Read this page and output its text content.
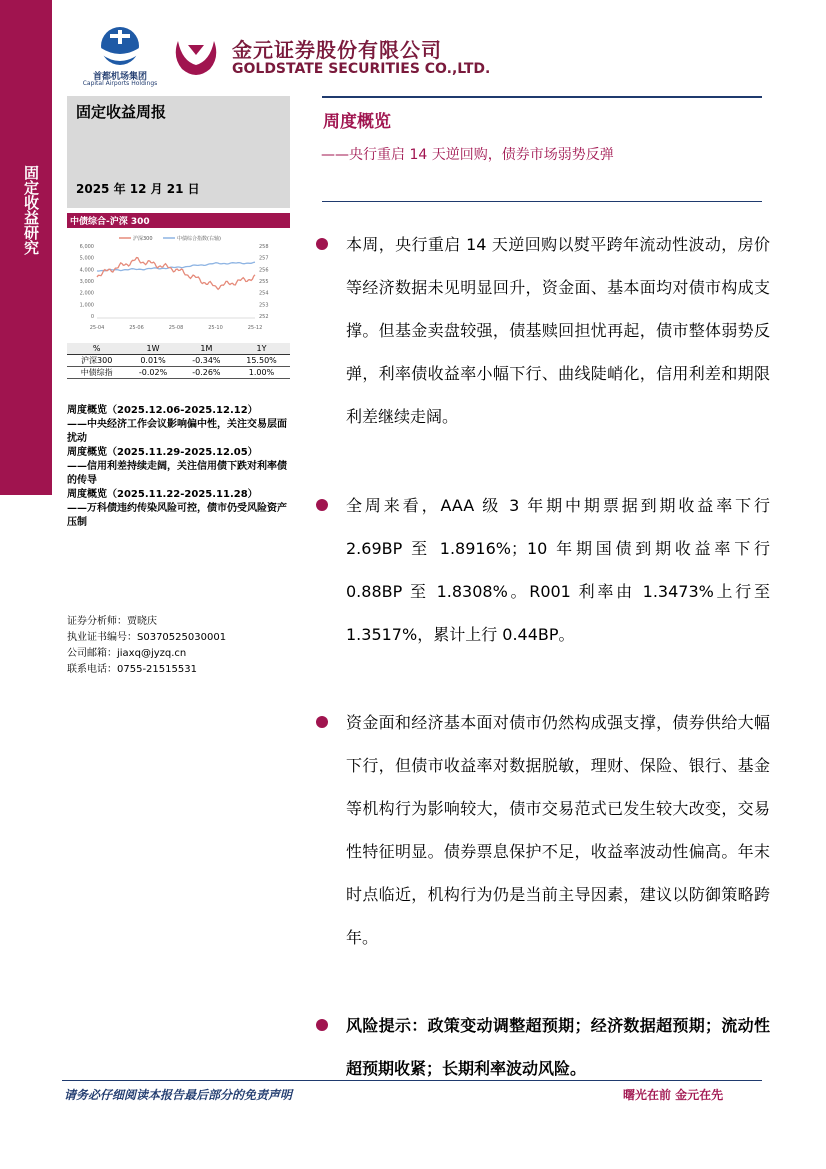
固定收益研究
首都机场集团
Capital Airports Holdings
金元证券股份有限公司
GOLDSTATE SECURITIES CO.,LTD.
固定收益周报
2025 年 12 月 21 日
中债综合-沪深 300
沪深300	中债综合指数(右轴)
6,000
5,000
4,000
3,000
2,000
1,000
0
258
257
256
255
254
253
252
25-04	25-06	25-08	25-10	25-12
%	1W	1M	1Y
沪深300	0.01%	-0.34%	15.50%
中债综指	-0.02%	-0.26%	1.00%
周度概览（2025.12.06-2025.12.12）
——中央经济工作会议影响偏中性，关注交易层面扰动
周度概览（2025.11.29-2025.12.05）
——信用利差持续走阔，关注信用债下跌对利率债的传导
周度概览（2025.11.22-2025.11.28）
——万科债违约传染风险可控，债市仍受风险资产压制
证券分析师：贾晓庆
执业证书编号：S0370525030001
公司邮箱：jiaxq@jyzq.cn
联系电话：0755-21515531
周度概览
——央行重启 14 天逆回购，债券市场弱势反弹
本周，央行重启 14 天逆回购以熨平跨年流动性波动，房价等经济数据未见明显回升，资金面、基本面均对债市构成支撑。但基金卖盘较强，债基赎回担忧再起，债市整体弱势反弹，利率债收益率小幅下行、曲线陡峭化，信用利差和期限利差继续走阔。
全周来看，AAA 级 3 年期中期票据到期收益率下行 2.69BP 至 1.8916%；10 年期国债到期收益率下行 0.88BP 至 1.8308%。R001 利率由 1.3473%上行至 1.3517%，累计上行 0.44BP。
资金面和经济基本面对债市仍然构成强支撑，债券供给大幅下行，但债市收益率对数据脱敏，理财、保险、银行、基金等机构行为影响较大，债市交易范式已发生较大改变，交易性特征明显。债券票息保护不足，收益率波动性偏高。年末时点临近，机构行为仍是当前主导因素，建议以防御策略跨年。
风险提示：政策变动调整超预期；经济数据超预期；流动性超预期收紧；长期利率波动风险。
请务必仔细阅读本报告最后部分的免责声明	曙光在前 金元在先
